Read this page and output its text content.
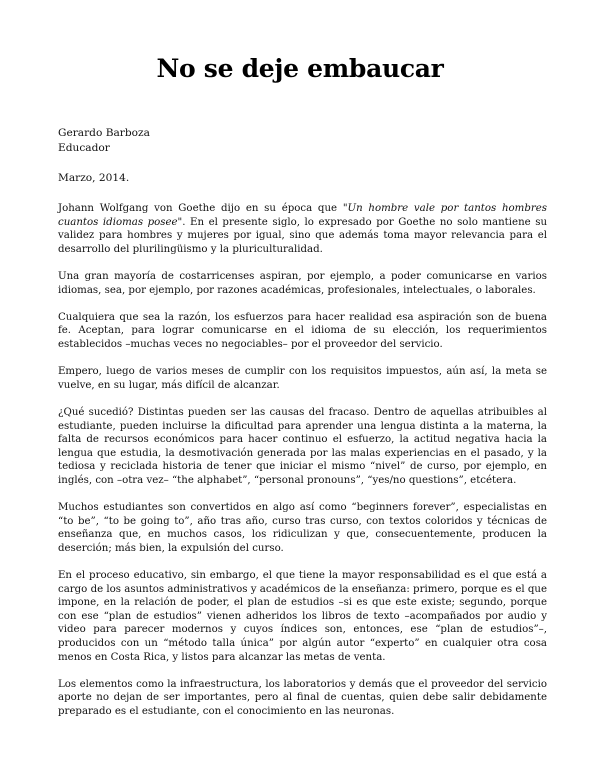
No se deje embaucar
Gerardo Barboza
Educador
Marzo, 2014.

Johann Wolfgang von Goethe dijo en su época que "Un hombre vale por tantos hombres cuantos idiomas posee". En el presente siglo, lo expresado por Goethe no solo mantiene su validez para hombres y mujeres por igual, sino que además toma mayor relevancia para el desarrollo del plurilingüismo y la pluriculturalidad.

Una gran mayoría de costarricenses aspiran, por ejemplo, a poder comunicarse en varios idiomas, sea, por ejemplo, por razones académicas, profesionales, intelectuales, o laborales.

Cualquiera que sea la razón, los esfuerzos para hacer realidad esa aspiración son de buena fe. Aceptan, para lograr comunicarse en el idioma de su elección, los requerimientos establecidos –muchas veces no negociables– por el proveedor del servicio.

Empero, luego de varios meses de cumplir con los requisitos impuestos, aún así, la meta se vuelve, en su lugar, más difícil de alcanzar.

¿Qué sucedió? Distintas pueden ser las causas del fracaso. Dentro de aquellas atribuibles al estudiante, pueden incluirse la dificultad para aprender una lengua distinta a la materna, la falta de recursos económicos para hacer continuo el esfuerzo, la actitud negativa hacia la lengua que estudia, la desmotivación generada por las malas experiencias en el pasado, y la tediosa y reciclada historia de tener que iniciar el mismo “nivel” de curso, por ejemplo, en inglés, con –otra vez– “the alphabet”, “personal pronouns”, “yes/no questions”, etcétera.

Muchos estudiantes son convertidos en algo así como “beginners forever”, especialistas en “to be”, “to be going to”, año tras año, curso tras curso, con textos coloridos y técnicas de enseñanza que, en muchos casos, los ridiculizan y que, consecuentemente, producen la deserción; más bien, la expulsión del curso.

En el proceso educativo, sin embargo, el que tiene la mayor responsabilidad es el que está a cargo de los asuntos administrativos y académicos de la enseñanza: primero, porque es el que impone, en la relación de poder, el plan de estudios –si es que este existe; segundo, porque con ese “plan de estudios” vienen adheridos los libros de texto –acompañados por audio y video para parecer modernos y cuyos índices son, entonces, ese “plan de estudios”–, producidos con un “método talla única” por algún autor “experto” en cualquier otra cosa menos en Costa Rica, y listos para alcanzar las metas de venta.

Los elementos como la infraestructura, los laboratorios y demás que el proveedor del servicio aporte no dejan de ser importantes, pero al final de cuentas, quien debe salir debidamente preparado es el estudiante, con el conocimiento en las neuronas.
